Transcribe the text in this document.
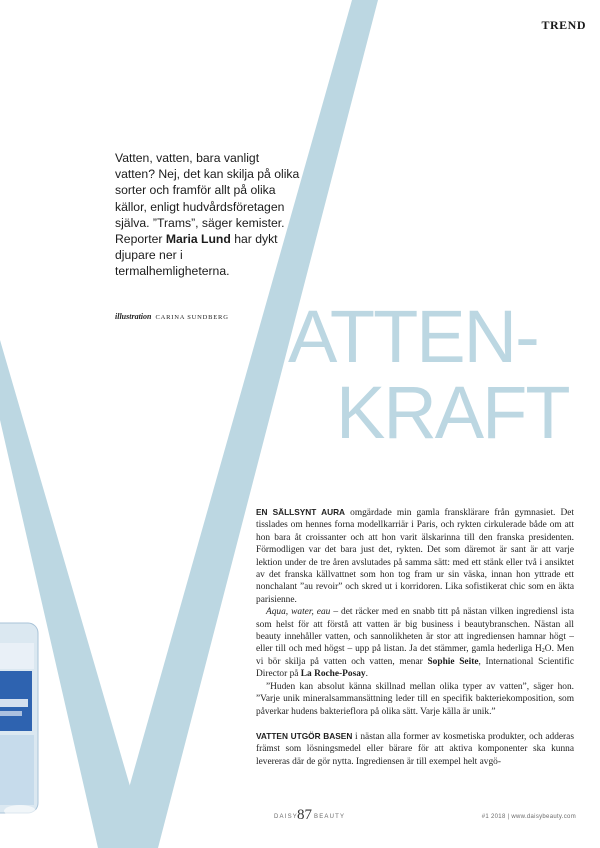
TREND

Vatten, vatten, bara vanligt vatten? Nej, det kan skilja på olika sorter och framför allt på olika källor, enligt hudvårdsföretagen själva. ”Trams”, säger kemister. Reporter Maria Lund har dykt djupare ner i termalhemligheterna.

illustration CARINA SUNDBERG ATTEN-
KRAFT

EN SÄLLSYNT AURA omgärdade min gamla fransklärare från gymnasiet. Det tisslades om hennes forna modellkarriär i Paris, och rykten cirkulerade både om att hon bara åt croissanter och att hon varit älskarinna till den franska presidenten. Förmodligen var det bara just det, rykten. Det som däremot är sant är att varje lektion under de tre åren avslutades på samma sätt: med ett stänk eller två i ansiktet av det franska källvattnet som hon tog fram ur sin väska, innan hon yttrade ett nonchalant ”au revoir” och skred ut i korridoren. Lika sofistikerat chic som en äkta parisienne.

Aqua, water, eau – det räcker med en snabb titt på nästan vilken ingrediensl ista som helst för att förstå att vatten är big business i beautybranschen. Nästan all beauty innehåller vatten, och sannolikheten är stor att ingrediensen hamnar högt – eller till och med högst – upp på listan. Ja det stämmer, gamla hederliga $H_2O$. Men vi bör skilja på vatten och vatten, menar Sophie Seite, International Scientific Director på La Roche-Posay.

”Huden kan absolut känna skillnad mellan olika typer av vatten”, säger hon. ”Varje unik mineralsammansättning leder till en specifik bakteriekomposition, som påverkar hudens bakterieflora på olika sätt. Varje källa är unik.”

VATTEN UTGÖR BASEN i nästan alla former av kosmetiska produkter, och adderas främst som lösningsmedel eller bärare för att aktiva komponenter ska kunna levereras där de gör nytta. Ingrediensen är till exempel helt avgö-

DAISY
87 BEAUTY	#1 2018 | www.daisybeauty.com
